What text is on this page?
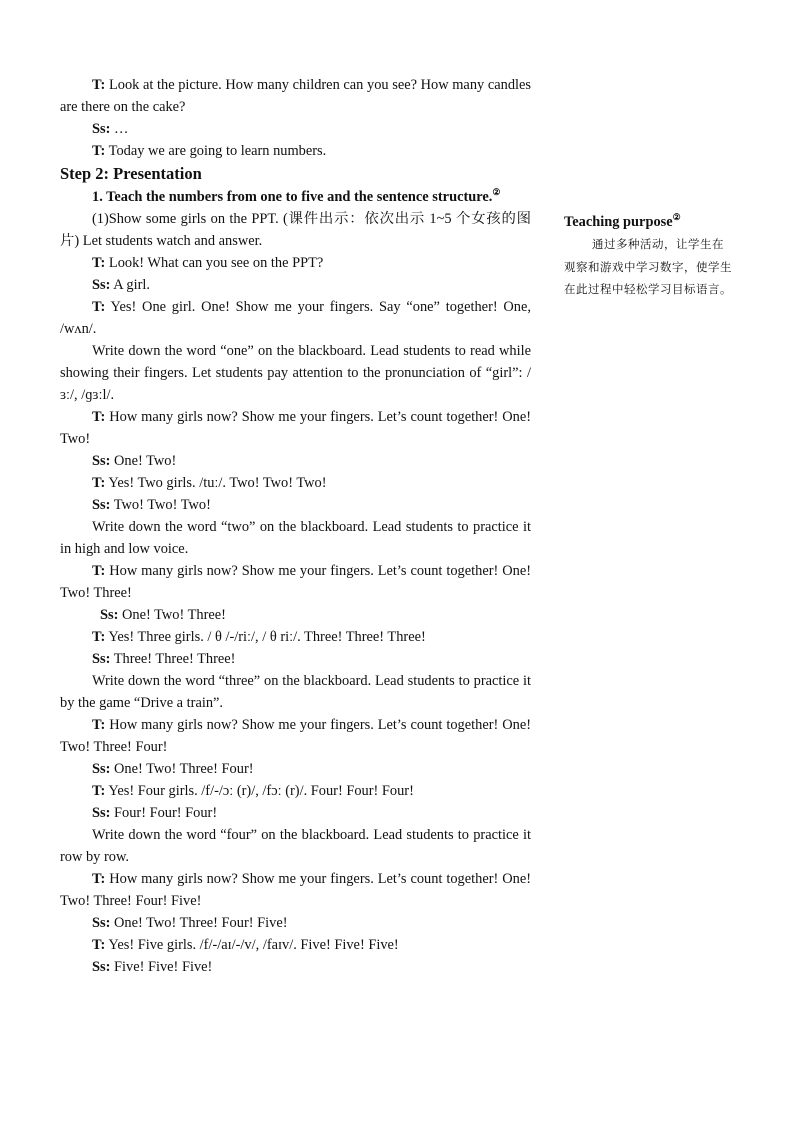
T: Look at the picture. How many children can you see? How many candles are there on the cake?

Ss: …

T: Today we are going to learn numbers.

Step 2: Presentation

1. Teach the numbers from one to five and the sentence structure.②

(1)Show some girls on the PPT. (课件出示：依次出示 1~5 个女孩的图片) Let students watch and answer.

T: Look! What can you see on the PPT?

Ss: A girl.

T: Yes! One girl. One! Show me your fingers. Say “one” together! One, /wʌn/.

Write down the word “one” on the blackboard. Lead students to read while showing their fingers. Let students pay attention to the pronunciation of “girl”: /ɜː/, /ɡɜːl/.

T: How many girls now? Show me your fingers. Let’s count together! One! Two!

Ss: One! Two!

T: Yes! Two girls. /tuː/. Two! Two! Two!

Ss: Two! Two! Two!

Write down the word “two” on the blackboard. Lead students to practice it in high and low voice.

T: How many girls now? Show me your fingers. Let’s count together! One! Two! Three!

Ss: One! Two! Three!

T: Yes! Three girls. / θ /-/riː/, / θ riː/. Three! Three! Three!

Ss: Three! Three! Three!

Write down the word “three” on the blackboard. Lead students to practice it by the game “Drive a train”.

T: How many girls now? Show me your fingers. Let’s count together! One! Two! Three! Four!

Ss: One! Two! Three! Four!

T: Yes! Four girls. /f/-/ɔː (r)/, /fɔː (r)/. Four! Four! Four!

Ss: Four! Four! Four!

Write down the word “four” on the blackboard. Lead students to practice it row by row.

T: How many girls now? Show me your fingers. Let’s count together! One! Two! Three! Four! Five!

Ss: One! Two! Three! Four! Five!

T: Yes! Five girls. /f/-/aɪ/-/v/, /faɪv/. Five! Five! Five!

Ss: Five! Five! Five!

Teaching purpose②

通过多种活动，让学生在观察和游戏中学习数字，使学生在此过程中轻松学习目标语言。
